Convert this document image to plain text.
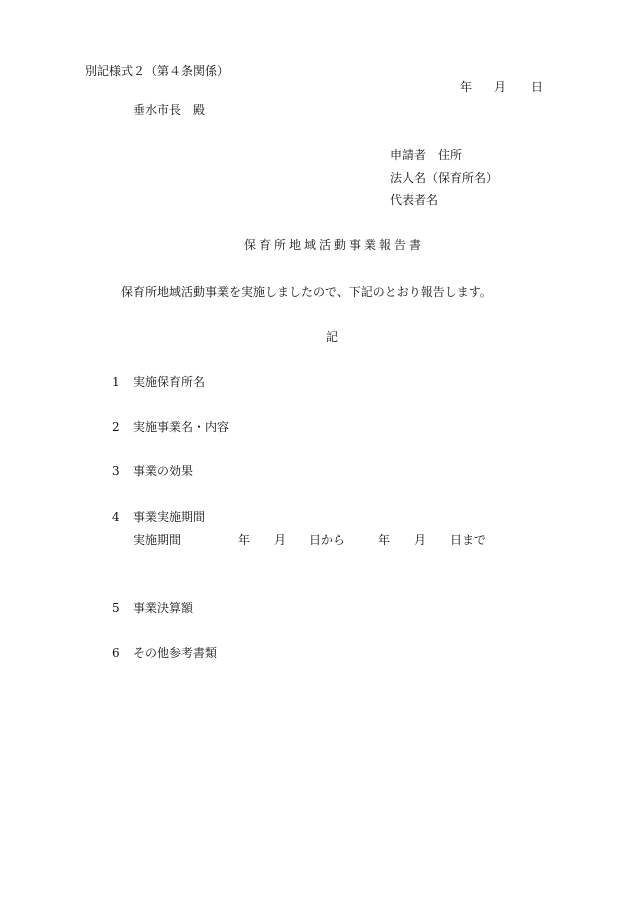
別記様式２（第４条関係）
年 月 日
垂水市長　殿
申請者　住所
法人名（保育所名）
代表者名
保育所地域活動事業報告書
保育所地域活動事業を実施しましたので、下記のとおり報告します。
記
1 実施保育所名
2 実施事業名・内容
3 事業の効果
4 事業実施期間
実施期間	年 月 日から	年 月 日まで
5 事業決算額
6 その他参考書類
